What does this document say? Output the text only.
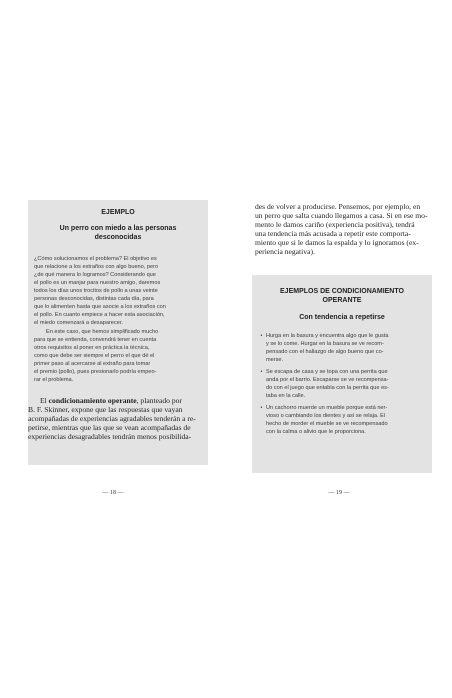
EJEMPLO
Un perro con miedo a las personas
desconocidas
¿Cómo solucionamos el problema? El objetivo es
que relacione a los extraños con algo bueno, pero
¿de qué manera lo logramos? Considerando que
el pollo es un manjar para nuestro amigo, daremos
todos los días unos trocitos de pollo a unas veinte
personas desconocidas, distintas cada día, para
que lo alimenten hasta que asocie a los extraños con
el pollo. En cuanto empiece a hacer esta asociación,
el miedo comenzará a desaparecer.
En este caso, que hemos simplificado mucho
para que se entienda, convendrá tener en cuenta
otros requisitos al poner en práctica la técnica,
como que debe ser siempre el perro el que dé el
primer paso al acercarse al extraño para tomar
el premio (pollo), pues presionarlo podría empeo-
rar el problema.
El condicionamiento operante, planteado por
B. F. Skinner, expone que las respuestas que vayan
acompañadas de experiencias agradables tenderán a re-
petirse, mientras que las que se vean acompañadas de
experiencias desagradables tendrán menos posibilida-
— 18 —
des de volver a producirse. Pensemos, por ejemplo, en
un perro que salta cuando llegamos a casa. Si en ese mo-
mento le damos cariño (experiencia positiva), tendrá
una tendencia más acusada a repetir este comporta-
miento que si le damos la espalda y lo ignoramos (ex-
periencia negativa).
EJEMPLOS DE CONDICIONAMIENTO
OPERANTE
Con tendencia a repetirse
• Hurga en la basura y encuentra algo que le gusta
y se lo come. Hurgar en la basura se ve recom-
pensado con el hallazgo de algo bueno que co-
merse.
• Se escapa de casa y se topa con una perrita que
anda por el barrio. Escaparse se ve recompensa-
do con el juego que entabla con la perrita que es-
taba en la calle.
• Un cachorro muerde un mueble porque está ner-
vioso o cambiando los dientes y así se relaja. El
hecho de morder el mueble se ve recompensado
con la calma o alivio que le proporciona.
— 19 —
